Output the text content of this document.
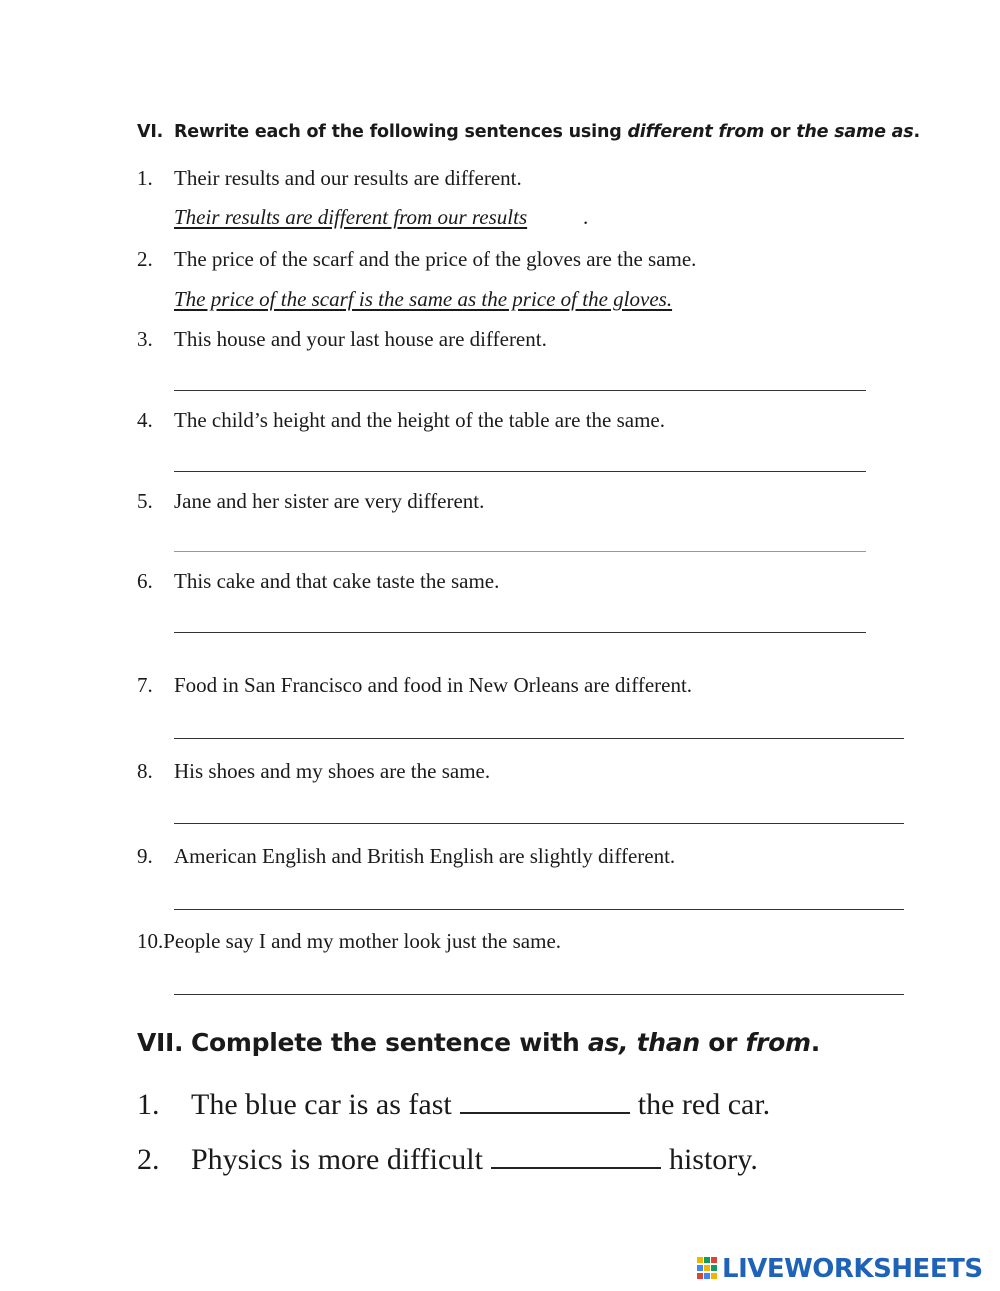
VI. Rewrite each of the following sentences using different from or the same as.
1. Their results and our results are different.
Their results are different from our results	.
2. The price of the scarf and the price of the gloves are the same.
The price of the scarf is the same as the price of the gloves.
3. This house and your last house are different.
4. The child’s height and the height of the table are the same.
5. Jane and her sister are very different.
6. This cake and that cake taste the same.
7. Food in San Francisco and food in New Orleans are different.
8. His shoes and my shoes are the same.
9. American English and British English are slightly different.
10.People say I and my mother look just the same.
VII. Complete the sentence with as, than or from.
1. The blue car is as fast	the red car.
2. Physics is more difficult	history.
LIVEWORKSHEETS
